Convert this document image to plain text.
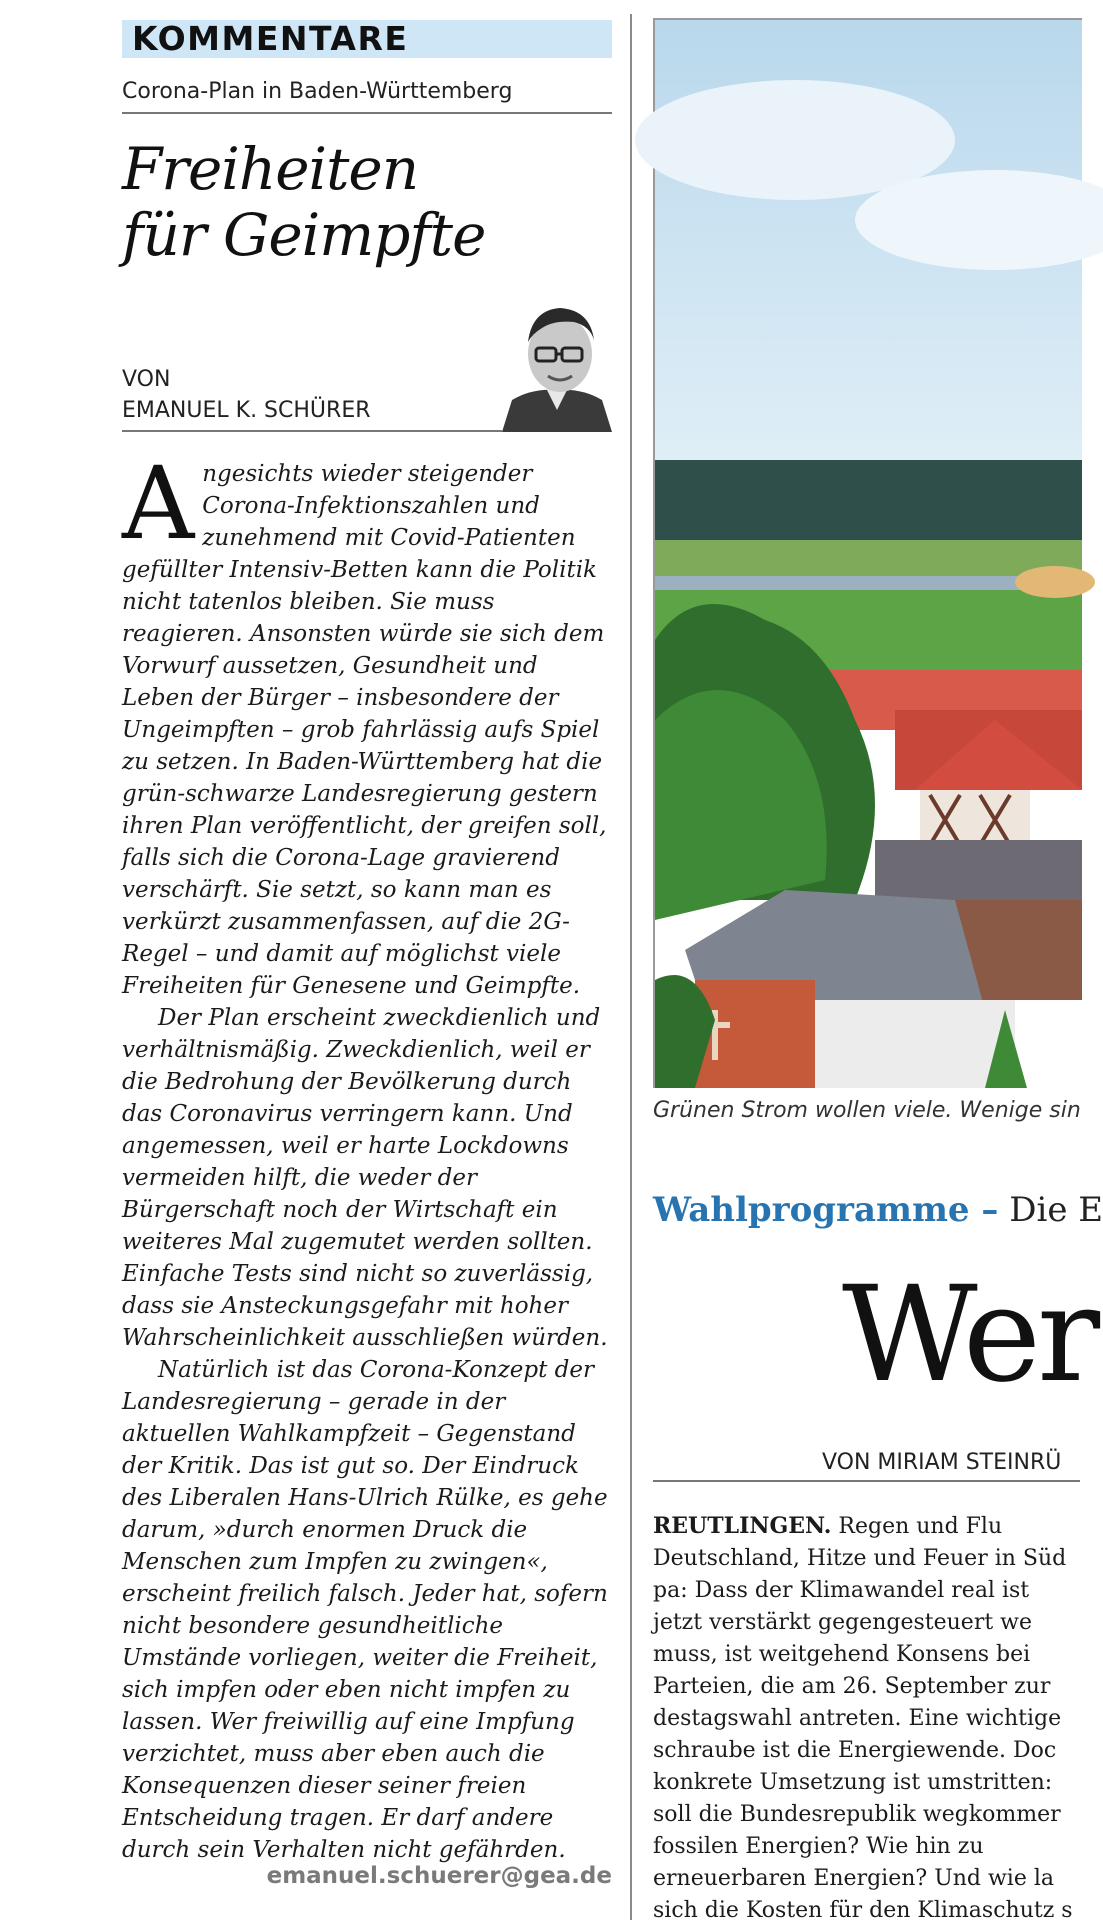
KOMMENTARE
Corona-Plan in Baden-Württemberg
Freiheiten
für Geimpfte
VON
EMANUEL K. SCHÜRER

Angesichts wieder steigender Corona-Infektionszahlen und zunehmend mit Covid-Patienten gefüllter Intensiv-Betten kann die Politik nicht tatenlos bleiben. Sie muss reagieren. Ansonsten würde sie sich dem Vorwurf aussetzen, Gesundheit und Leben der Bürger – insbesondere der Ungeimpften – grob fahrlässig aufs Spiel zu setzen. In Baden-Württemberg hat die grün-schwarze Landesregierung gestern ihren Plan veröffentlicht, der greifen soll, falls sich die Corona-Lage gravierend verschärft. Sie setzt, so kann man es verkürzt zusammenfassen, auf die 2G-Regel – und damit auf möglichst viele Freiheiten für Genesene und Geimpfte.

Der Plan erscheint zweckdienlich und verhältnismäßig. Zweckdienlich, weil er die Bedrohung der Bevölkerung durch das Coronavirus verringern kann. Und angemessen, weil er harte Lockdowns vermeiden hilft, die weder der Bürgerschaft noch der Wirtschaft ein weiteres Mal zugemutet werden sollten. Einfache Tests sind nicht so zuverlässig, dass sie Ansteckungsgefahr mit hoher Wahrscheinlichkeit ausschließen würden.

Natürlich ist das Corona-Konzept der Landesregierung – gerade in der aktuellen Wahlkampfzeit – Gegenstand der Kritik. Das ist gut so. Der Eindruck des Liberalen Hans-Ulrich Rülke, es gehe darum, »durch enormen Druck die Menschen zum Impfen zu zwingen«, erscheint freilich falsch. Jeder hat, sofern nicht besondere gesundheitliche Umstände vorliegen, weiter die Freiheit, sich impfen oder eben nicht impfen zu lassen. Wer freiwillig auf eine Impfung verzichtet, muss aber eben auch die Konsequenzen dieser seiner freien Entscheidung tragen. Er darf andere durch sein Verhalten nicht gefährden.

emanuel.schuerer@gea.de
Grünen Strom wollen viele. Wenige sin
Wahlprogramme – Die E
Wer
VON MIRIAM STEINRÜ
REUTLINGEN. Regen und Flu
Deutschland, Hitze und Feuer in Süd
pa: Dass der Klimawandel real ist
jetzt verstärkt gegengesteuert we
muss, ist weitgehend Konsens bei
Parteien, die am 26. September zur
destagswahl antreten. Eine wichtige
schraube ist die Energiewende. Doc
konkrete Umsetzung ist umstritten:
soll die Bundesrepublik wegkommer
fossilen Energien? Wie hin zu
erneuerbaren Energien? Und wie la
sich die Kosten für den Klimaschutz s
